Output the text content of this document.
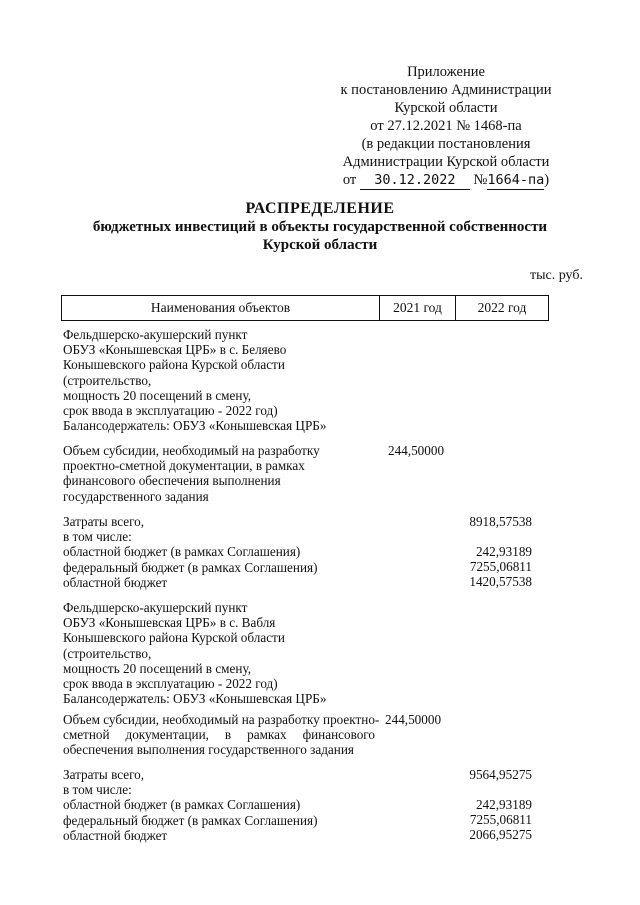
Приложение
к постановлению Администрации
Курской области
от 27.12.2021 № 1468-па
(в редакции постановления
Администрации Курской области
от 30.12.2022 №1664-па)
РАСПРЕДЕЛЕНИЕ
бюджетных инвестиций в объекты государственной собственности
Курской области
тыс. руб.
Наименования объектов	2021 год	2022 год
Фельдшерско-акушерский пункт
ОБУЗ «Конышевская ЦРБ» в с. Беляево
Конышевского района Курской области
(строительство,
мощность 20 посещений в смену,
срок ввода в эксплуатацию - 2022 год)
Балансодержатель: ОБУЗ «Конышевская ЦРБ»
Объем субсидии, необходимый на разработку
проектно-сметной документации, в рамках
финансового обеспечения выполнения
государственного задания
244,50000
Затраты всего,
в том числе:
областной бюджет (в рамках Соглашения)
федеральный бюджет (в рамках Соглашения)
областной бюджет
8918,57538
242,93189
7255,06811
1420,57538
Фельдшерско-акушерский пункт
ОБУЗ «Конышевская ЦРБ» в с. Вабля
Конышевского района Курской области
(строительство,
мощность 20 посещений в смену,
срок ввода в эксплуатацию - 2022 год)
Балансодержатель: ОБУЗ «Конышевская ЦРБ»
Объем субсидии, необходимый на разработку проектно-
сметной документации, в рамках финансового
обеспечения выполнения государственного задания
244,50000
Затраты всего,
в том числе:
областной бюджет (в рамках Соглашения)
федеральный бюджет (в рамках Соглашения)
областной бюджет
9564,95275
242,93189
7255,06811
2066,95275
